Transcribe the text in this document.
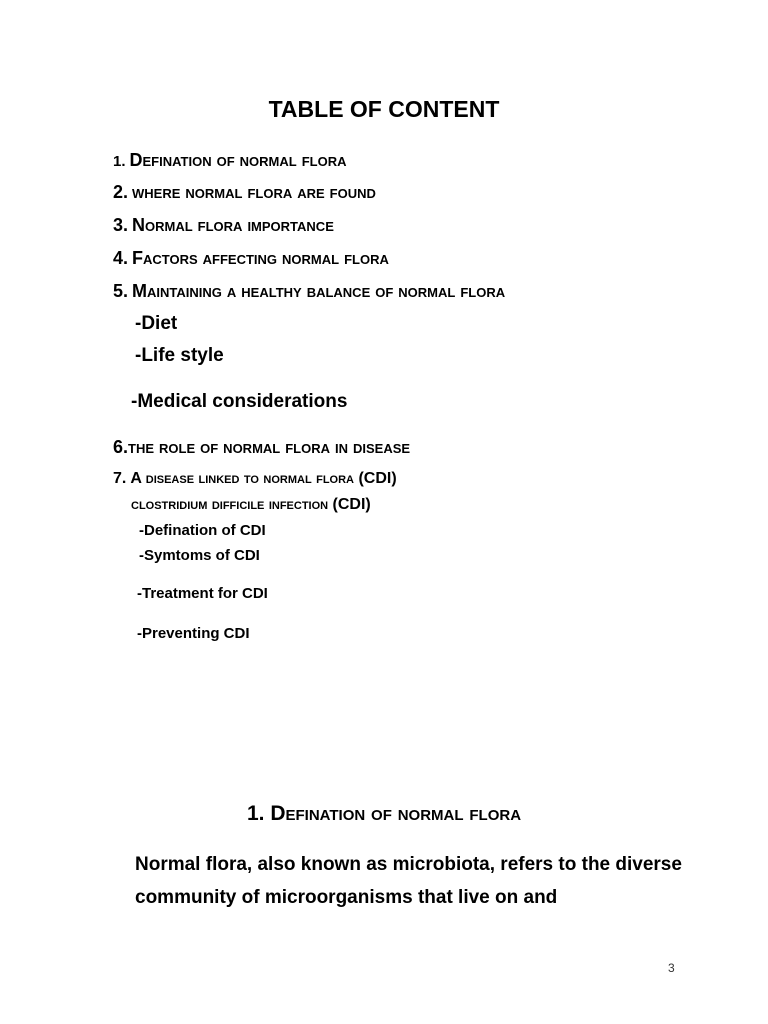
TABLE OF CONTENT
1. Defination of normal flora
2. where normal flora are found
3. Normal flora importance
4. Factors affecting normal flora
5. Maintaining a healthy balance of normal flora
-Diet
-Life style
-Medical considerations
6.the role of normal flora in disease
7. A disease linked to normal flora (CDI)
clostridium difficile infection (CDI)
-Defination of CDI
-Symtoms of CDI
-Treatment for CDI
-Preventing CDI
1. Defination of normal flora
Normal flora, also known as microbiota, refers to the diverse community of microorganisms that live on and
3
